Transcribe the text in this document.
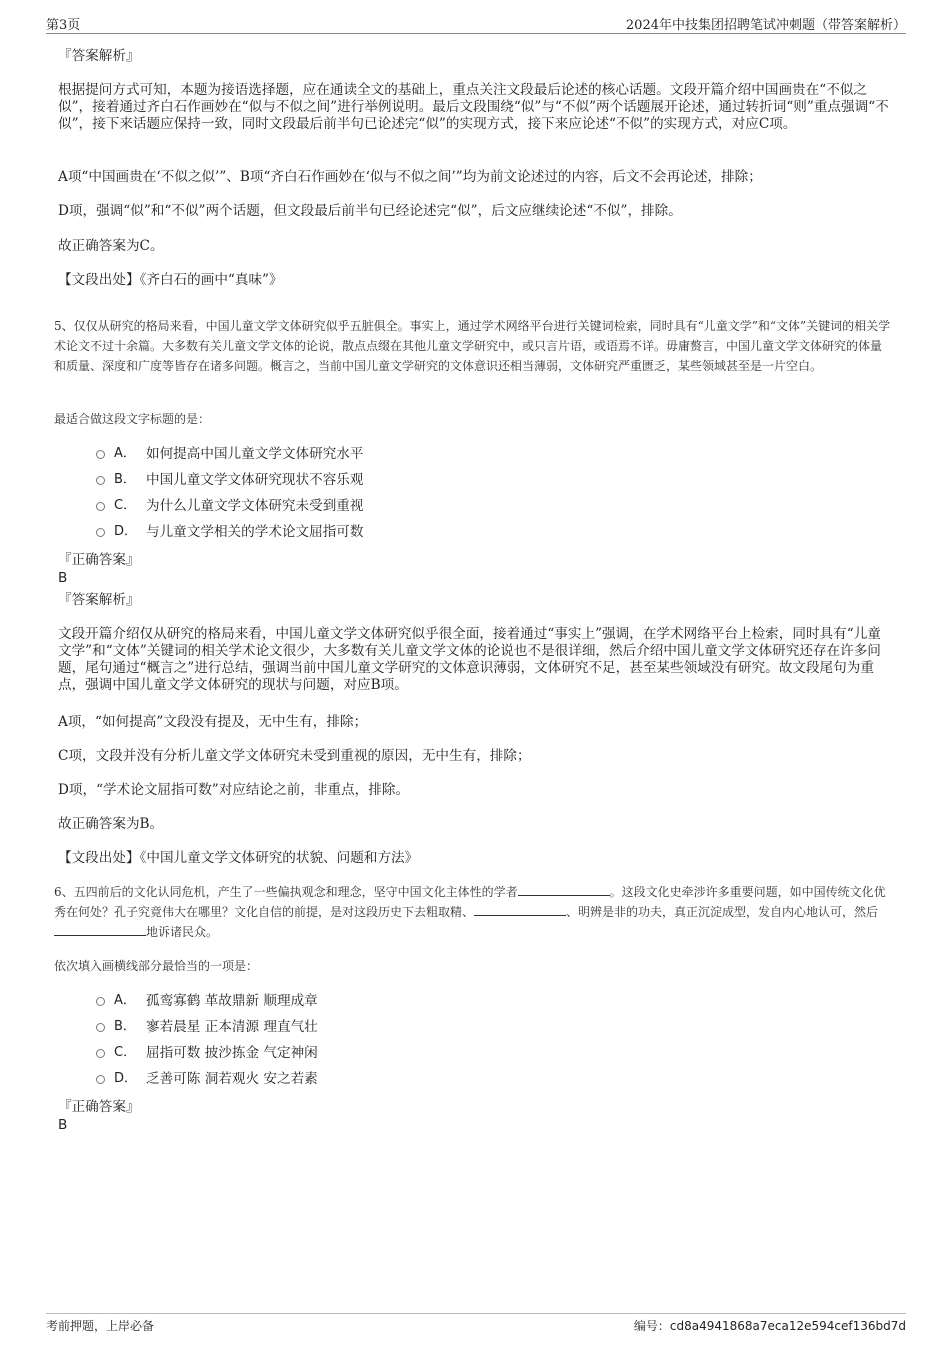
第3页	2024年中技集团招聘笔试冲刺题（带答案解析）
『答案解析』
根据提问方式可知，本题为接语选择题，应在通读全文的基础上，重点关注文段最后论述的核心话题。文段开篇介绍中国画贵在“不似之似”，接着通过齐白石作画妙在“似与不似之间”进行举例说明。最后文段围绕“似”与“不似”两个话题展开论述，通过转折词“则”重点强调“不似”，接下来话题应保持一致，同时文段最后前半句已论述完“似”的实现方式，接下来应论述“不似”的实现方式，对应C项。
A项“中国画贵在‘不似之似’”、B项“齐白石作画妙在‘似与不似之间’”均为前文论述过的内容，后文不会再论述，排除；
D项，强调“似”和“不似”两个话题，但文段最后前半句已经论述完“似”，后文应继续论述“不似”，排除。
故正确答案为C。
【文段出处】《齐白石的画中“真味”》
5、仅仅从研究的格局来看，中国儿童文学文体研究似乎五脏俱全。事实上，通过学术网络平台进行关键词检索，同时具有“儿童文学”和“文体”关键词的相关学术论文不过十余篇。大多数有关儿童文学文体的论说，散点点缀在其他儿童文学研究中，或只言片语，或语焉不详。毋庸赘言，中国儿童文学文体研究的体量和质量、深度和广度等皆存在诸多问题。概言之，当前中国儿童文学研究的文体意识还相当薄弱，文体研究严重匮乏，某些领域甚至是一片空白。
最适合做这段文字标题的是：
A． 如何提高中国儿童文学文体研究水平
B． 中国儿童文学文体研究现状不容乐观
C． 为什么儿童文学文体研究未受到重视
D． 与儿童文学相关的学术论文屈指可数
『正确答案』
B
『答案解析』
文段开篇介绍仅从研究的格局来看，中国儿童文学文体研究似乎很全面，接着通过“事实上”强调，在学术网络平台上检索，同时具有“儿童文学”和“文体”关键词的相关学术论文很少，大多数有关儿童文学文体的论说也不是很详细，然后介绍中国儿童文学文体研究还存在许多问题，尾句通过“概言之”进行总结，强调当前中国儿童文学研究的文体意识薄弱，文体研究不足，甚至某些领域没有研究。故文段尾句为重点，强调中国儿童文学文体研究的现状与问题，对应B项。
A项，“如何提高”文段没有提及，无中生有，排除；
C项，文段并没有分析儿童文学文体研究未受到重视的原因，无中生有，排除；
D项，“学术论文屈指可数”对应结论之前，非重点，排除。
故正确答案为B。
【文段出处】《中国儿童文学文体研究的状貌、问题和方法》
6、五四前后的文化认同危机，产生了一些偏执观念和理念，坚守中国文化主体性的学者	。这段文化史牵涉许多重要问题，如中国传统文化优秀在何处？孔子究竟伟大在哪里？文化自信的前提，是对这段历史下去粗取精、	、明辨是非的功夫，真正沉淀成型，发自内心地认可，然后地诉诸民众。
依次填入画横线部分最恰当的一项是：
A． 孤鸾寡鹤 革故鼎新 顺理成章
B． 寥若晨星 正本清源 理直气壮
C． 屈指可数 披沙拣金 气定神闲
D． 乏善可陈 洞若观火 安之若素
『正确答案』
B
考前押题，上岸必备	编号：cd8a4941868a7eca12e594cef136bd7d
